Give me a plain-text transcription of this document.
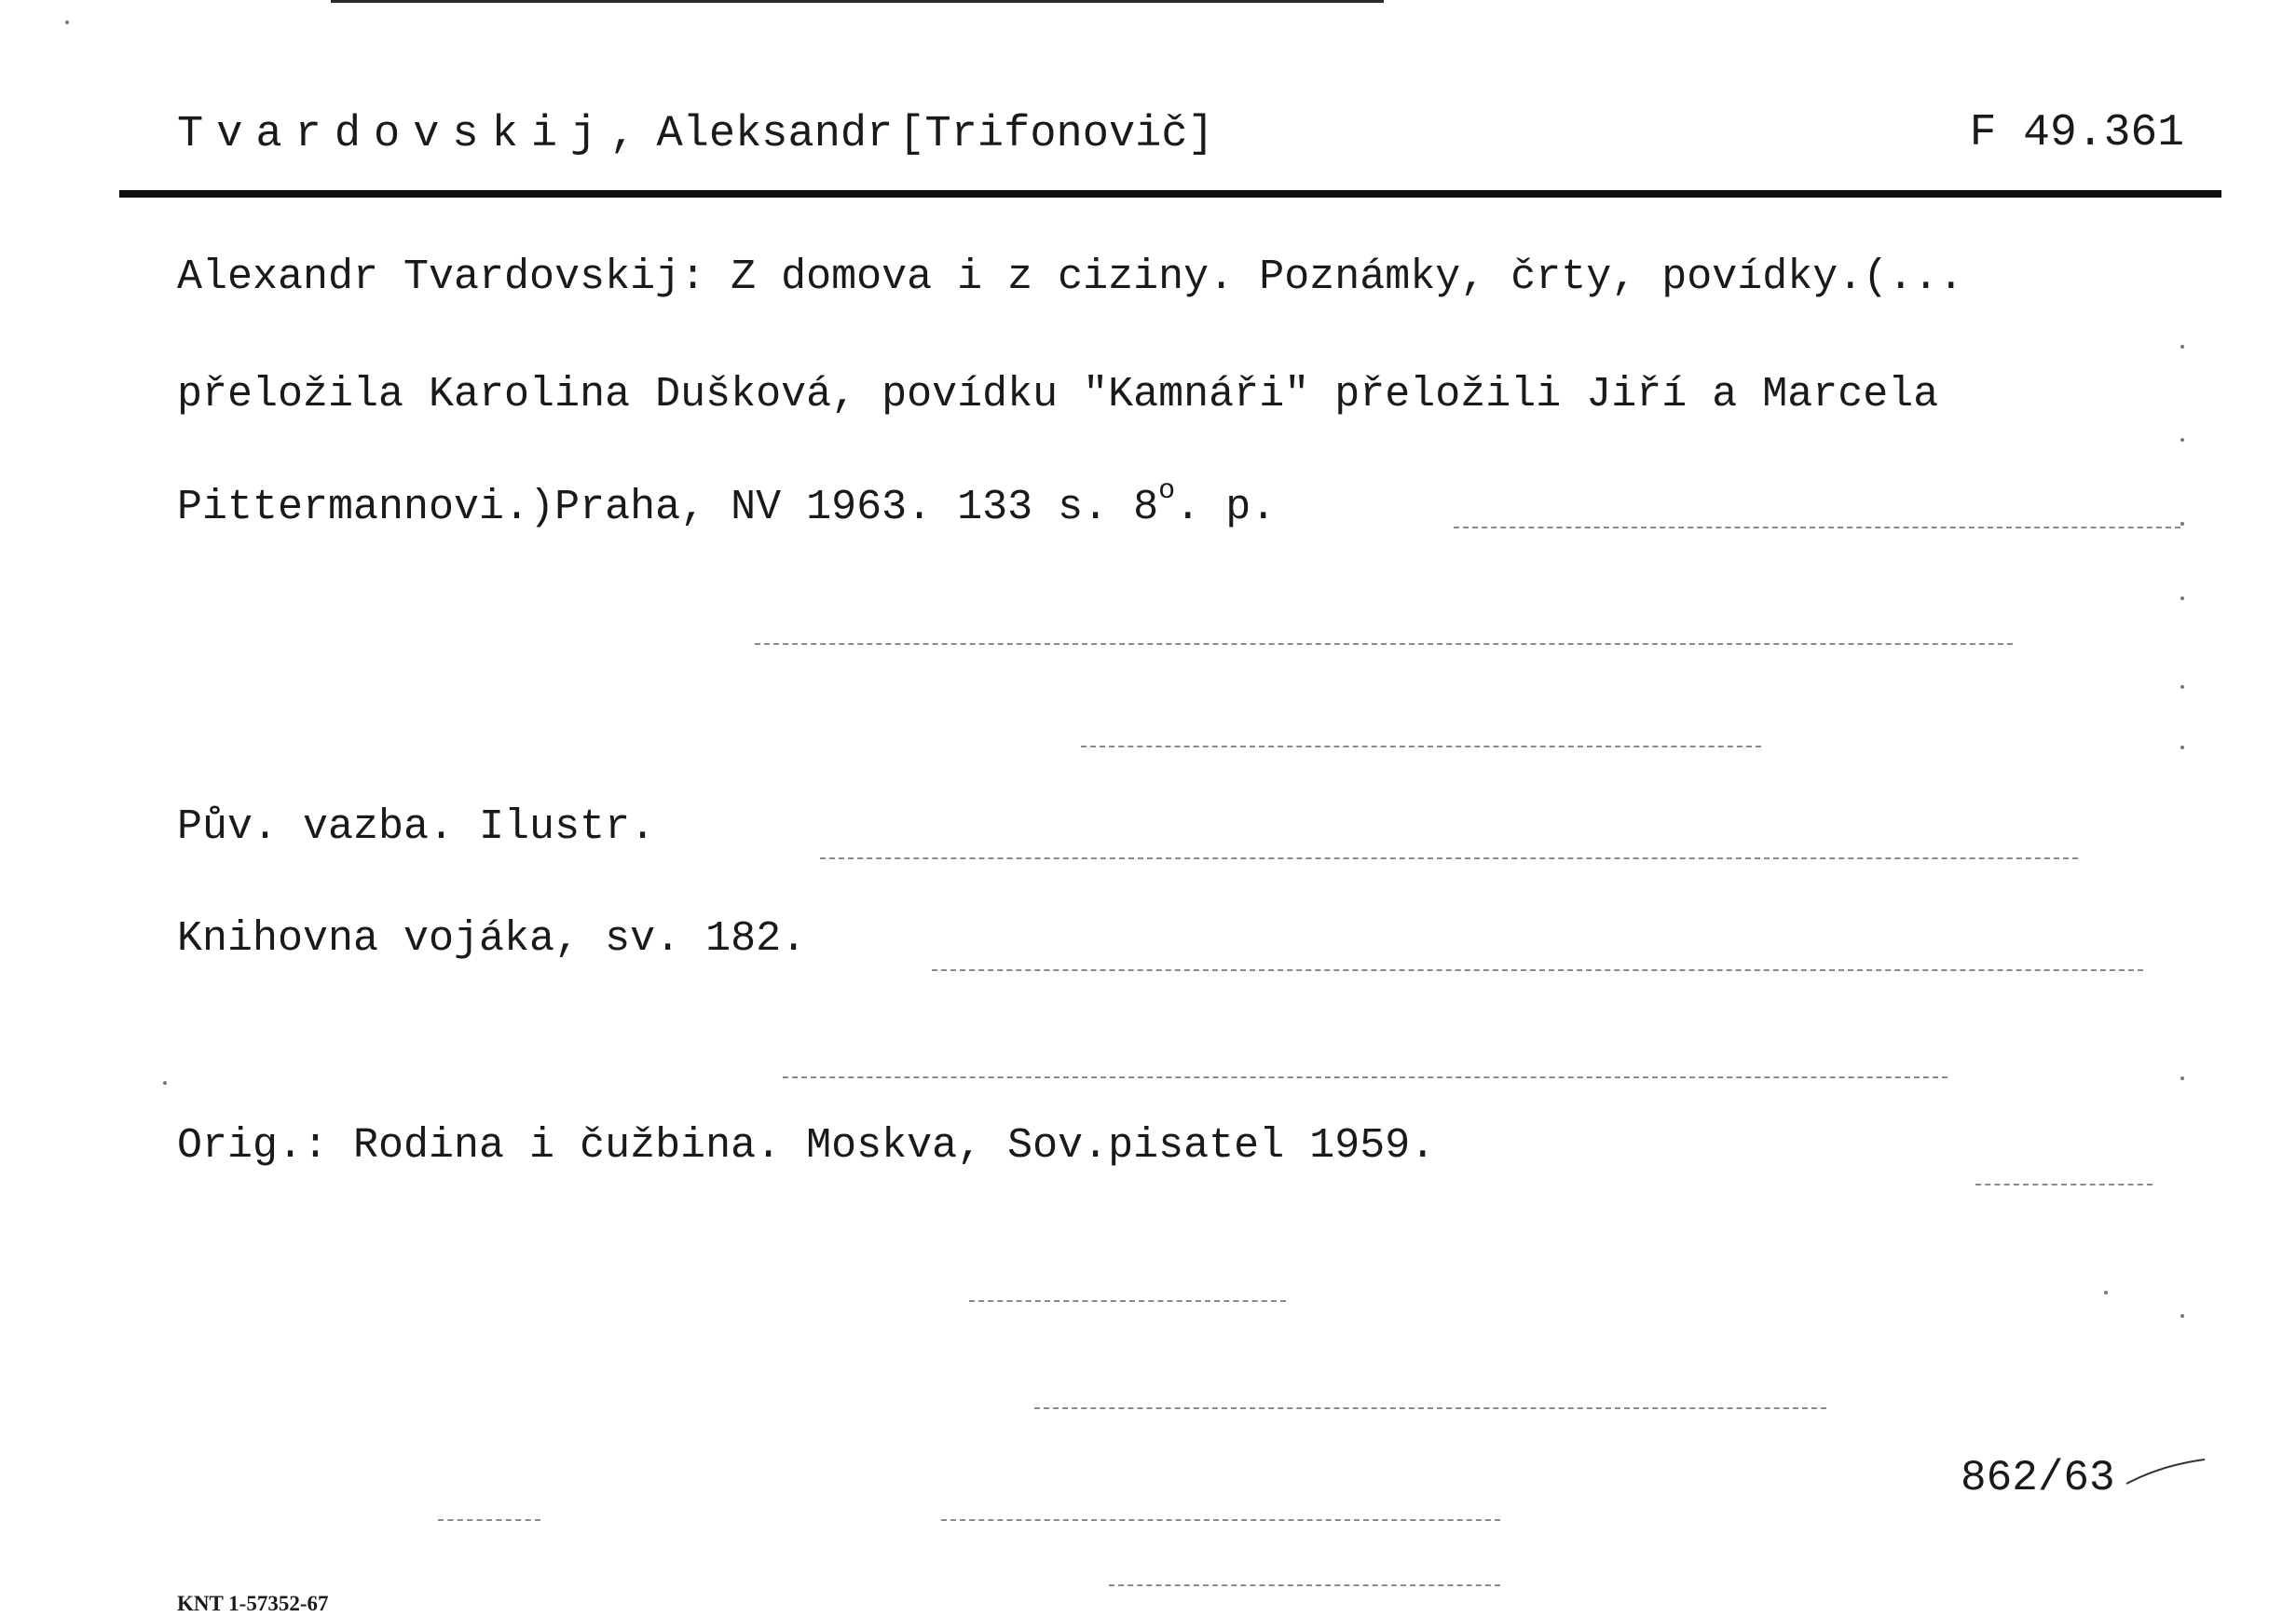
Tvardovskij, Aleksandr [Trifonovič]	F 49.361
Alexandr Tvardovskij: Z domova i z ciziny. Poznámky, črty, povídky.(...
přeložila Karolina Dušková, povídku "Kamnáři" přeložili Jiří a Marcela
Pittermannovi.)Praha, NV 1963. 133 s. 8$^o$. p.
Pův. vazba. Ilustr.
Knihovna vojáka, sv. 182.
Orig.: Rodina i čužbina. Moskva, Sov.pisatel 1959.
862/63
KNT 1-57352-67
